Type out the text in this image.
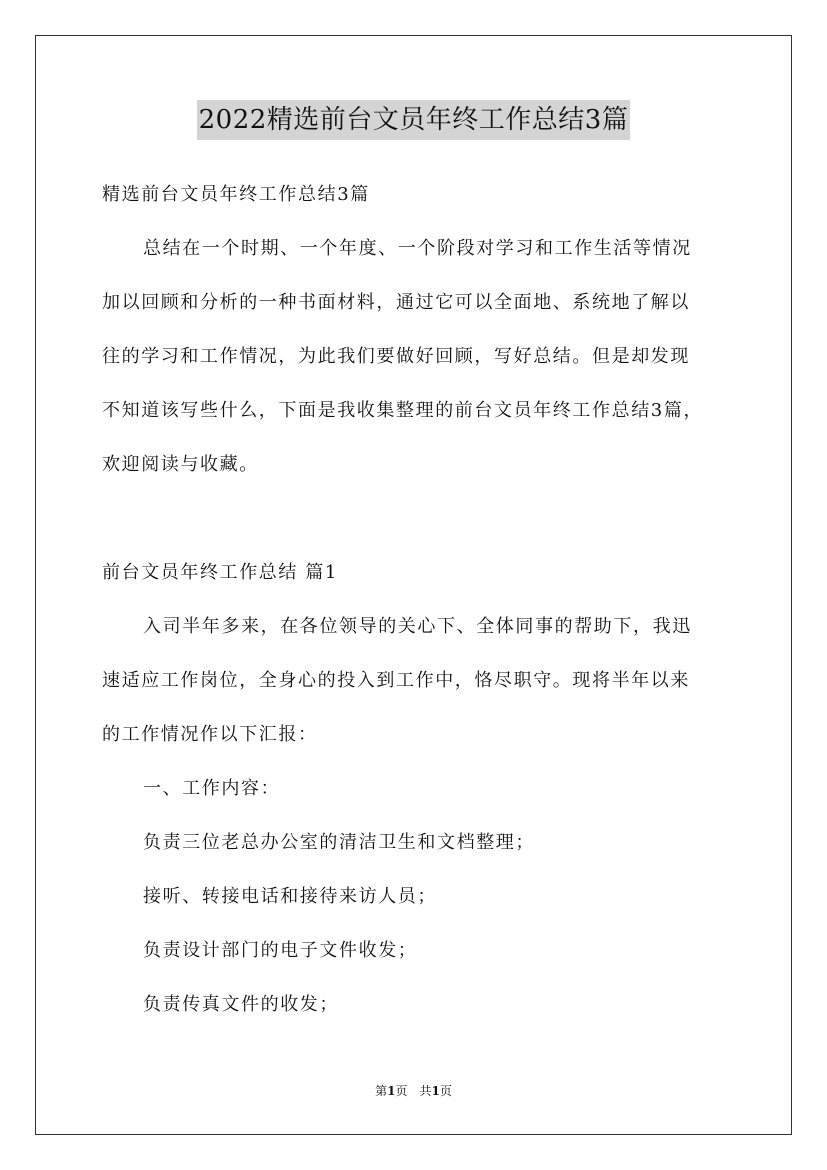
2022精选前台文员年终工作总结3篇
精选前台文员年终工作总结3篇
总结在一个时期、一个年度、一个阶段对学习和工作生活等情况
加以回顾和分析的一种书面材料，通过它可以全面地、系统地了解以
往的学习和工作情况，为此我们要做好回顾，写好总结。但是却发现
不知道该写些什么，下面是我收集整理的前台文员年终工作总结3篇，
欢迎阅读与收藏。
前台文员年终工作总结 篇1
入司半年多来，在各位领导的关心下、全体同事的帮助下，我迅
速适应工作岗位，全身心的投入到工作中，恪尽职守。现将半年以来
的工作情况作以下汇报：
一、工作内容：
负责三位老总办公室的清洁卫生和文档整理；
接听、转接电话和接待来访人员；
负责设计部门的电子文件收发；
负责传真文件的收发；
第1页　共1页
